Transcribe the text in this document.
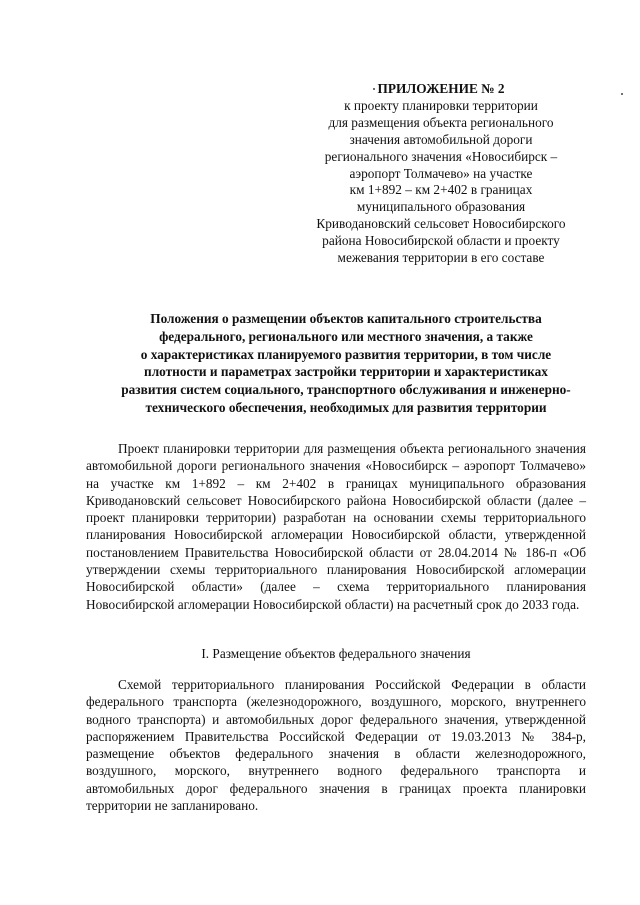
ПРИЛОЖЕНИЕ № 2
к проекту планировки территории
для размещения объекта регионального
значения автомобильной дороги
регионального значения «Новосибирск –
аэропорт Толмачево» на участке
км 1+892 – км 2+402 в границах
муниципального образования
Криводановский сельсовет Новосибирского
района Новосибирской области и проекту
межевания территории в его составе
Положения о размещении объектов капитального строительства
федерального, регионального или местного значения, а также
о характеристиках планируемого развития территории, в том числе
плотности и параметрах застройки территории и характеристиках
развития систем социального, транспортного обслуживания и инженерно-
технического обеспечения, необходимых для развития территории

Проект планировки территории для размещения объекта регионального значения автомобильной дороги регионального значения «Новосибирск – аэропорт Толмачево» на участке км 1+892 – км 2+402 в границах муниципального образования Криводановский сельсовет Новосибирского района Новосибирской области (далее – проект планировки территории) разработан на основании схемы территориального планирования Новосибирской агломерации Новосибирской области, утвержденной постановлением Правительства Новосибирской области от 28.04.2014 № 186-п «Об утверждении схемы территориального планирования Новосибирской агломерации Новосибирской области» (далее – схема территориального планирования Новосибирской агломерации Новосибирской области) на расчетный срок до 2033 года.

I. Размещение объектов федерального значения

Схемой территориального планирования Российской Федерации в области федерального транспорта (железнодорожного, воздушного, морского, внутреннего водного транспорта) и автомобильных дорог федерального значения, утвержденной распоряжением Правительства Российской Федерации от 19.03.2013 № 384-р, размещение объектов федерального значения в области железнодорожного, воздушного, морского, внутреннего водного федерального транспорта и автомобильных дорог федерального значения в границах проекта планировки территории не запланировано.
